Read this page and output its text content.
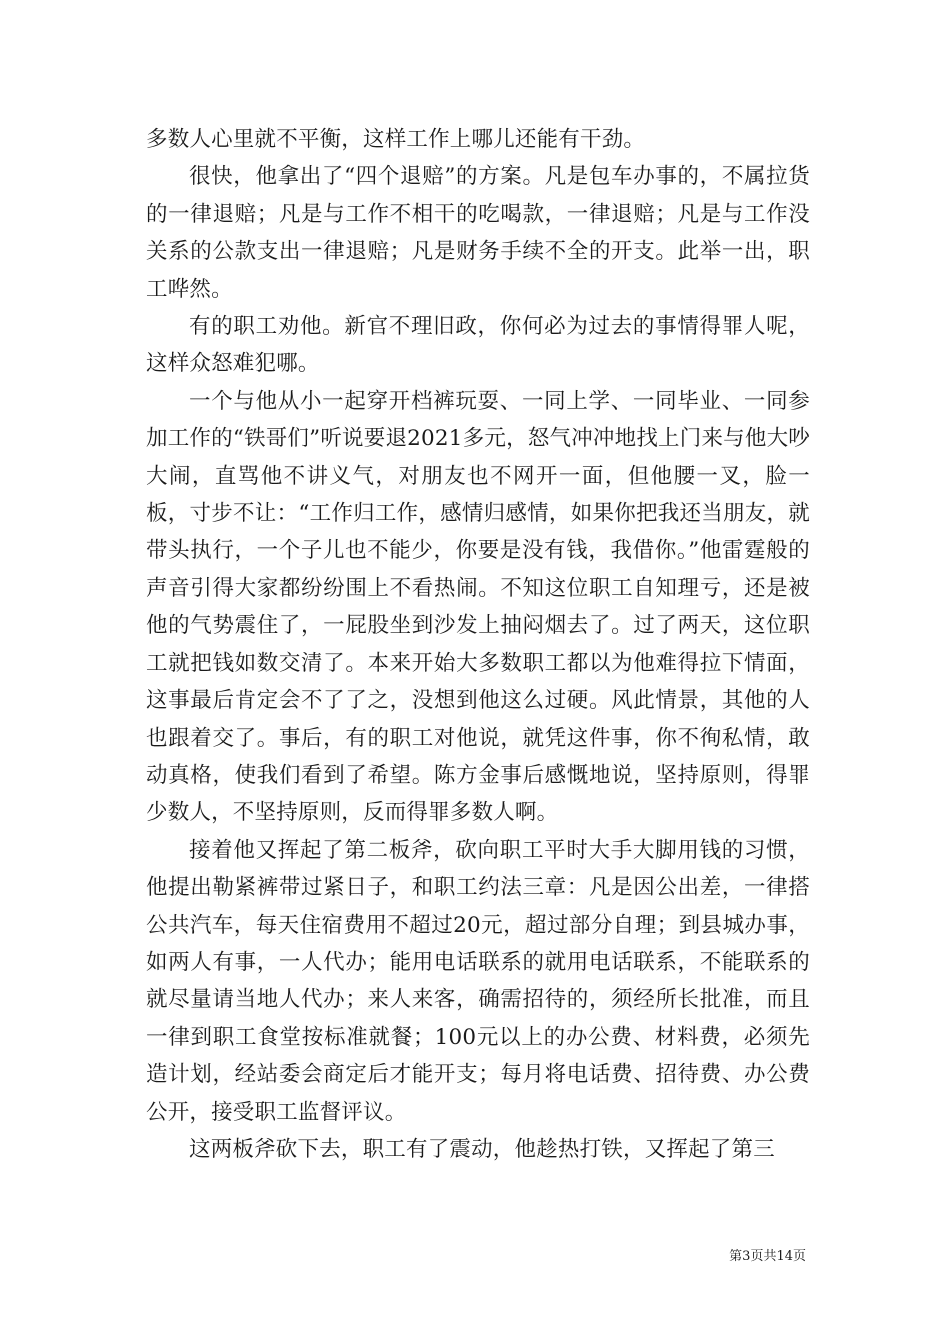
多数人心里就不平衡，这样工作上哪儿还能有干劲。

很快，他拿出了“四个退赔”的方案。凡是包车办事的，不属拉货的一律退赔；凡是与工作不相干的吃喝款，一律退赔；凡是与工作没关系的公款支出一律退赔；凡是财务手续不全的开支。此举一出，职工哗然。

有的职工劝他。新官不理旧政，你何必为过去的事情得罪人呢，这样众怒难犯哪。

一个与他从小一起穿开档裤玩耍、一同上学、一同毕业、一同参加工作的“铁哥们”听说要退2021多元，怒气冲冲地找上门来与他大吵大闹，直骂他不讲义气，对朋友也不网开一面，但他腰一叉，脸一板，寸步不让：“工作归工作，感情归感情，如果你把我还当朋友，就带头执行，一个子儿也不能少，你要是没有钱，我借你。”他雷霆般的声音引得大家都纷纷围上不看热闹。不知这位职工自知理亏，还是被他的气势震住了，一屁股坐到沙发上抽闷烟去了。过了两天，这位职工就把钱如数交清了。本来开始大多数职工都以为他难得拉下情面，这事最后肯定会不了了之，没想到他这么过硬。风此情景，其他的人也跟着交了。事后，有的职工对他说，就凭这件事，你不徇私情，敢动真格，使我们看到了希望。陈方金事后感慨地说，坚持原则，得罪少数人，不坚持原则，反而得罪多数人啊。

接着他又挥起了第二板斧，砍向职工平时大手大脚用钱的习惯，他提出勒紧裤带过紧日子，和职工约法三章：凡是因公出差，一律搭公共汽车，每天住宿费用不超过20元，超过部分自理；到县城办事，如两人有事，一人代办；能用电话联系的就用电话联系，不能联系的就尽量请当地人代办；来人来客，确需招待的，须经所长批准，而且一律到职工食堂按标准就餐；100元以上的办公费、材料费，必须先造计划，经站委会商定后才能开支；每月将电话费、招待费、办公费公开，接受职工监督评议。

这两板斧砍下去，职工有了震动，他趁热打铁，又挥起了第三

第3页共14页
